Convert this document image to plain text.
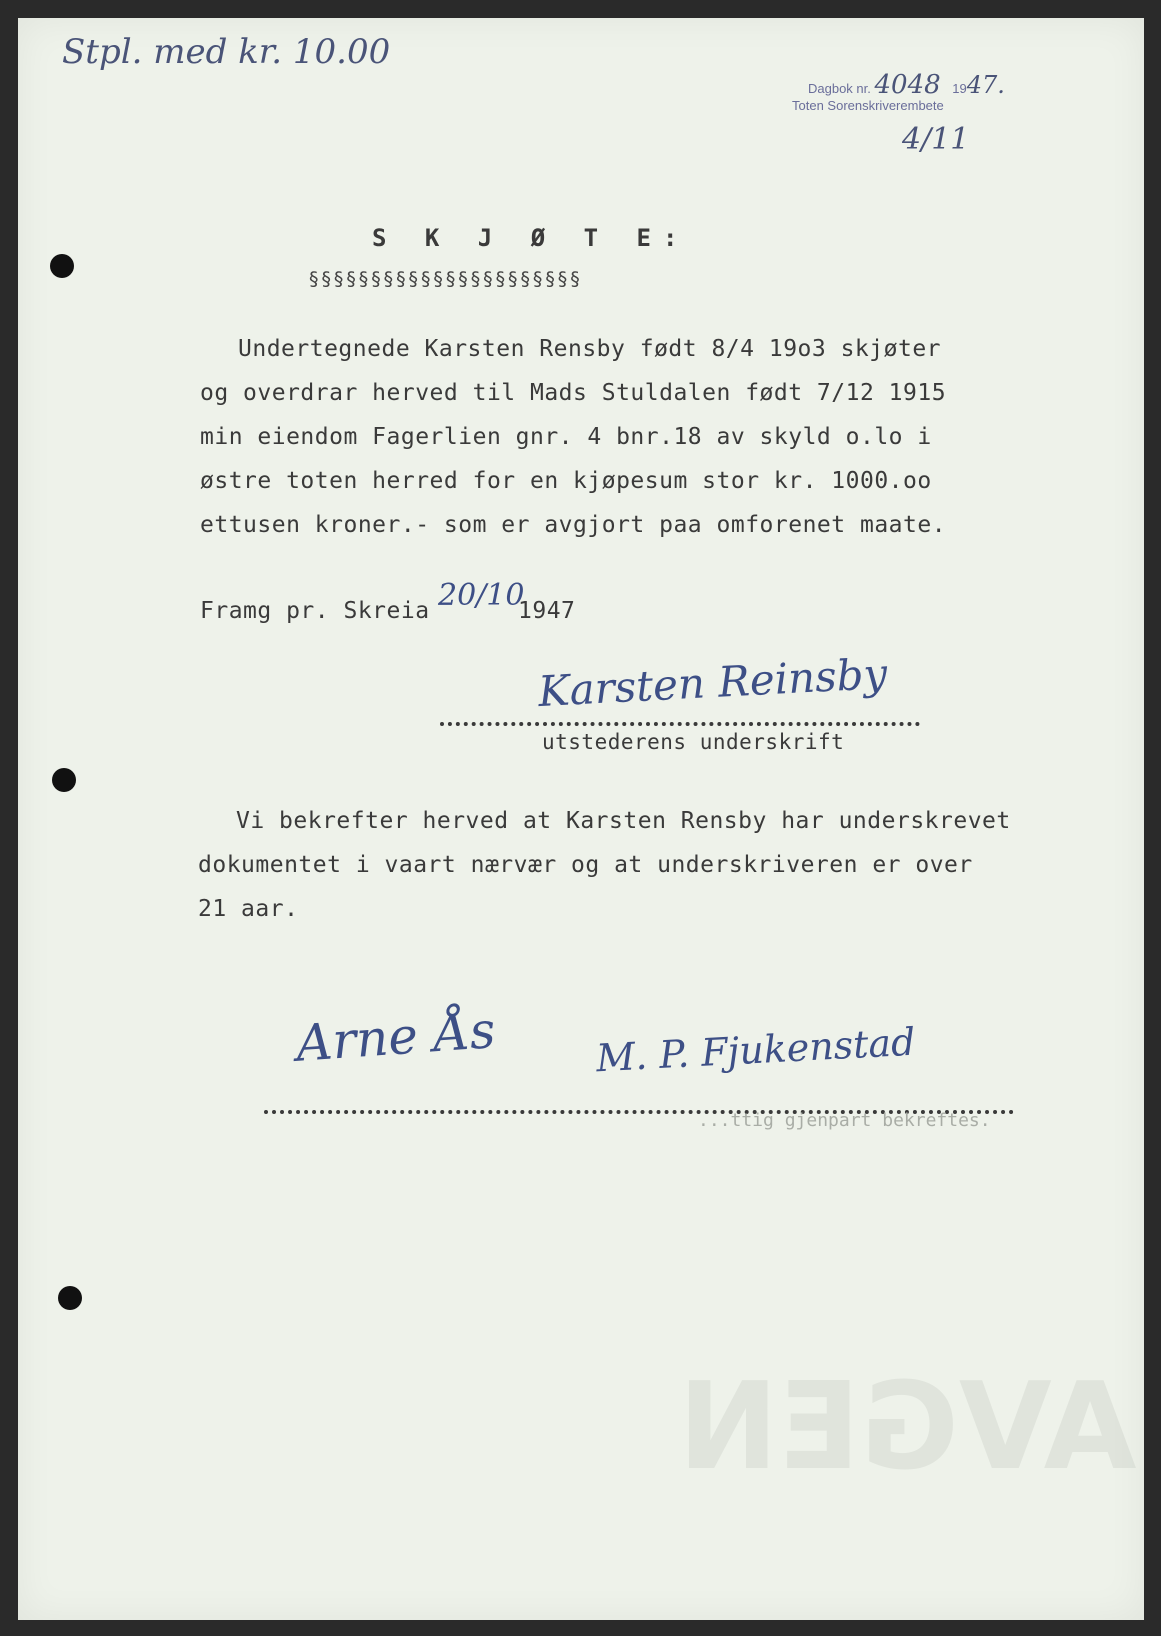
AVGEN
Stpl. med kr. 10.00
Dagbok nr. 4048 1947.
Toten Sorenskriverembete
4/11
S K J Ø T E:
§§§§§§§§§§§§§§§§§§§§§§
Undertegnede Karsten Rensby født 8/4 19o3 skjøter
og overdrar herved til Mads Stuldalen født 7/12 1915
min eiendom Fagerlien gnr. 4 bnr.18 av skyld o.lo i
østre toten herred for en kjøpesum stor kr. 1000.oo
ettusen kroner.- som er avgjort paa omforenet maate.
Framg pr. Skreia 20/10
1947
Karsten Reinsby
utstederens underskrift
Vi bekrefter herved at Karsten Rensby har underskrevet
dokumentet i vaart nærvær og at underskriveren er over
21 aar.
Arne Ås	M. P. Fjukenstad
...ttig gjenpart bekreftes.
